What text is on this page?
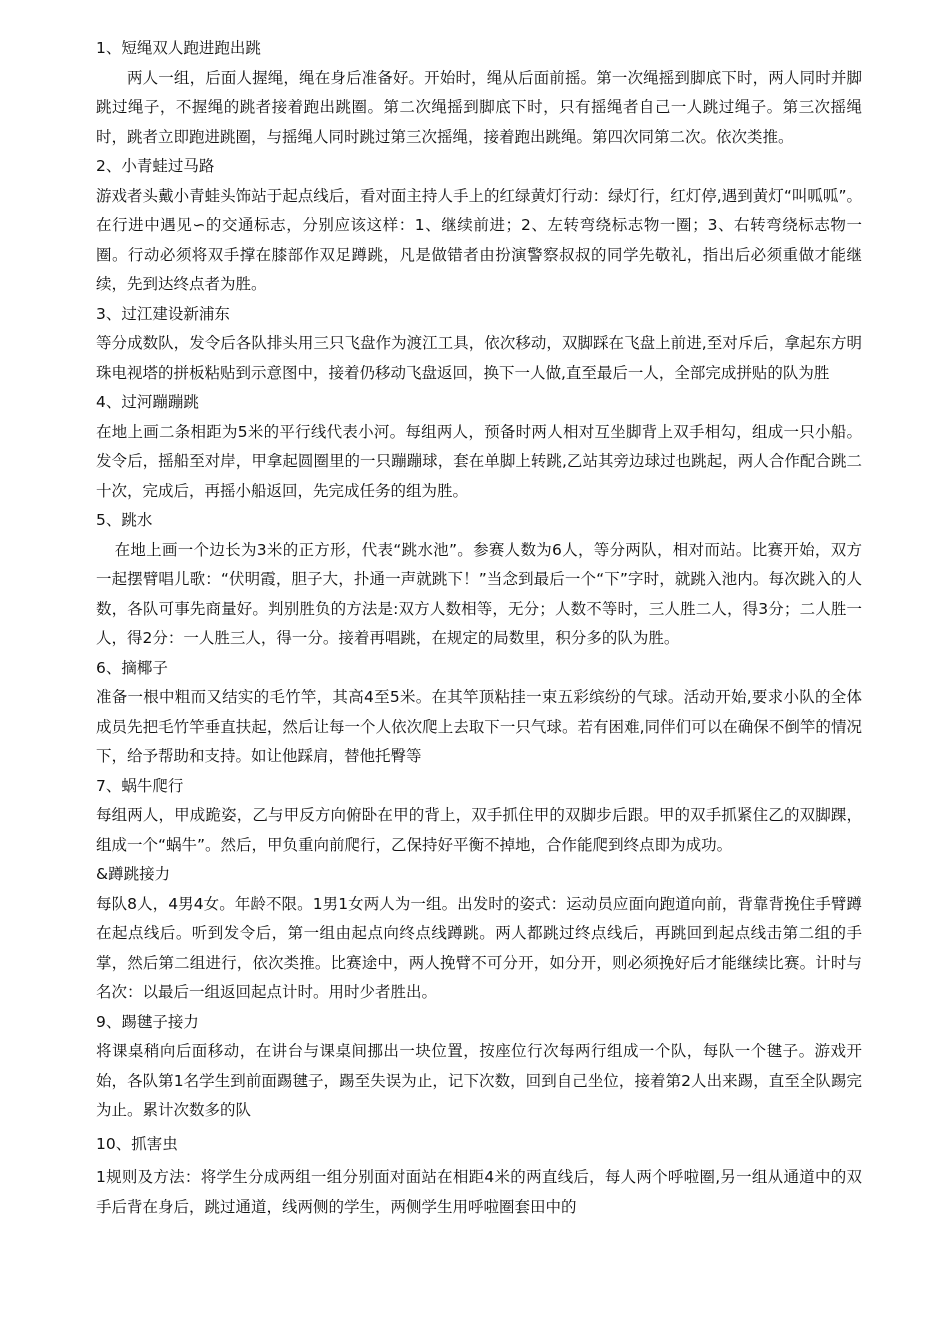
1、短绳双人跑进跑出跳

两人一组，后面人握绳，绳在身后准备好。开始时，绳从后面前摇。第一次绳摇到脚底下时，两人同时并脚跳过绳子，不握绳的跳者接着跑出跳圈。第二次绳摇到脚底下时，只有摇绳者自己一人跳过绳子。第三次摇绳时，跳者立即跑进跳圈，与摇绳人同时跳过第三次摇绳，接着跑出跳绳。第四次同第二次。依次类推。

2、小青蛙过马路

游戏者头戴小青蛙头饰站于起点线后，看对面主持人手上的红绿黄灯行动：绿灯行，红灯停,遇到黄灯“叫呱呱”。在行进中遇见∽的交通标志，分别应该这样：1、继续前进；2、左转弯绕标志物一圈；3、右转弯绕标志物一圈。行动必须将双手撑在膝部作双足蹲跳，凡是做错者由扮演警察叔叔的同学先敬礼，指出后必须重做才能继续，先到达终点者为胜。

3、过江建设新浦东

等分成数队，发令后各队排头用三只飞盘作为渡江工具，依次移动，双脚踩在飞盘上前进,至对斥后，拿起东方明珠电视塔的拼板粘贴到示意图中，接着仍移动飞盘返回，换下一人做,直至最后一人，全部完成拼贴的队为胜

4、过河蹦蹦跳

在地上画二条相距为5米的平行线代表小河。每组两人，预备时两人相对互坐脚背上双手相勾，组成一只小船。发令后，摇船至对岸，甲拿起圆圈里的一只蹦蹦球，套在单脚上转跳,乙站其旁边球过也跳起，两人合作配合跳二十次，完成后，再摇小船返回，先完成任务的组为胜。

5、跳水

在地上画一个边长为3米的正方形，代表“跳水池”。参赛人数为6人，等分两队，相对而站。比赛开始，双方一起摆臂唱儿歌：“伏明霞，胆子大，扑通一声就跳下！”当念到最后一个“下”字时，就跳入池内。每次跳入的人数，各队可事先商量好。判别胜负的方法是:双方人数相等，无分；人数不等时，三人胜二人，得3分；二人胜一人，得2分：一人胜三人，得一分。接着再唱跳，在规定的局数里，积分多的队为胜。

6、摘椰子

准备一根中粗而又结实的毛竹竿，其高4至5米。在其竿顶粘挂一束五彩缤纷的气球。活动开始,要求小队的全体成员先把毛竹竿垂直扶起，然后让每一个人依次爬上去取下一只气球。若有困难,同伴们可以在确保不倒竿的情况下，给予帮助和支持。如让他踩肩，替他托臀等

7、蜗牛爬行

每组两人，甲成跪姿，乙与甲反方向俯卧在甲的背上，双手抓住甲的双脚步后跟。甲的双手抓紧住乙的双脚踝，组成一个“蜗牛”。然后，甲负重向前爬行，乙保持好平衡不掉地，合作能爬到终点即为成功。

&蹲跳接力

每队8人，4男4女。年龄不限。1男1女两人为一组。出发时的姿式：运动员应面向跑道向前，背靠背挽住手臂蹲在起点线后。听到发令后，第一组由起点向终点线蹲跳。两人都跳过终点线后，再跳回到起点线击第二组的手掌，然后第二组进行，依次类推。比赛途中，两人挽臂不可分开，如分开，则必须挽好后才能继续比赛。计时与名次：以最后一组返回起点计时。用时少者胜出。

9、踢毽子接力

将课桌稍向后面移动，在讲台与课桌间挪出一块位置，按座位行次每两行组成一个队，每队一个毽子。游戏开始，各队第1名学生到前面踢毽子，踢至失误为止，记下次数，回到自己坐位，接着第2人出来踢，直至全队踢完为止。累计次数多的队

10、抓害虫

1规则及方法：将学生分成两组一组分别面对面站在相距4米的两直线后，每人两个呼啦圈,另一组从通道中的双手后背在身后，跳过通道，线两侧的学生，两侧学生用呼啦圈套田中的
